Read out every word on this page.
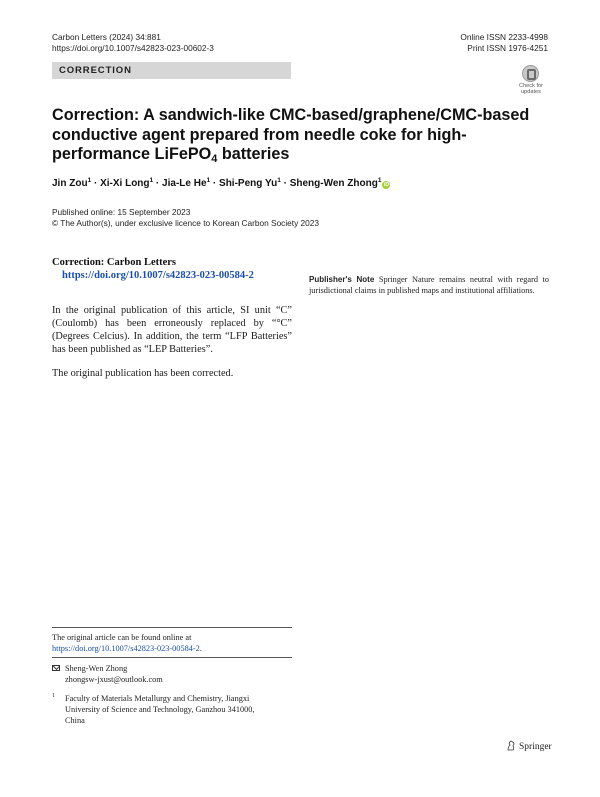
Carbon Letters (2024) 34:881
https://doi.org/10.1007/s42823-023-00602-3
Online ISSN 2233-4998
Print ISSN 1976-4251
CORRECTION
Check for
updates
Correction: A sandwich-like CMC-based/graphene/CMC-based conductive agent prepared from needle coke for high-performance LiFePO$_4$ batteries
Jin Zou$^1$ · Xi-Xi Long$^1$ · Jia-Le $He^1$ · Shi-Peng $Yu^1$ · Sheng-Wen Zhong$^1$iD
Published online: 15 September 2023
© The Author(s), under exclusive licence to Korean Carbon Society 2023
Correction: Carbon Letters
https://doi.org/10.1007/s42823-023-00584-2
In the original publication of this article, SI unit “C” (Coulomb) has been erroneously replaced by “°C” (Degrees Celcius). In addition, the term “LFP Batteries” has been published as “LEP Batteries”.
The original publication has been corrected.
Publisher's Note Springer Nature remains neutral with regard to jurisdictional claims in published maps and institutional affiliations.
The original article can be found online at https://doi.org/10.1007/s42823-023-00584-2.
Sheng-Wen Zhong
zhongsw-jxust@outlook.com
1	Faculty of Materials Metallurgy and Chemistry, Jiangxi University of Science and Technology, Ganzhou 341000, China
Springer
